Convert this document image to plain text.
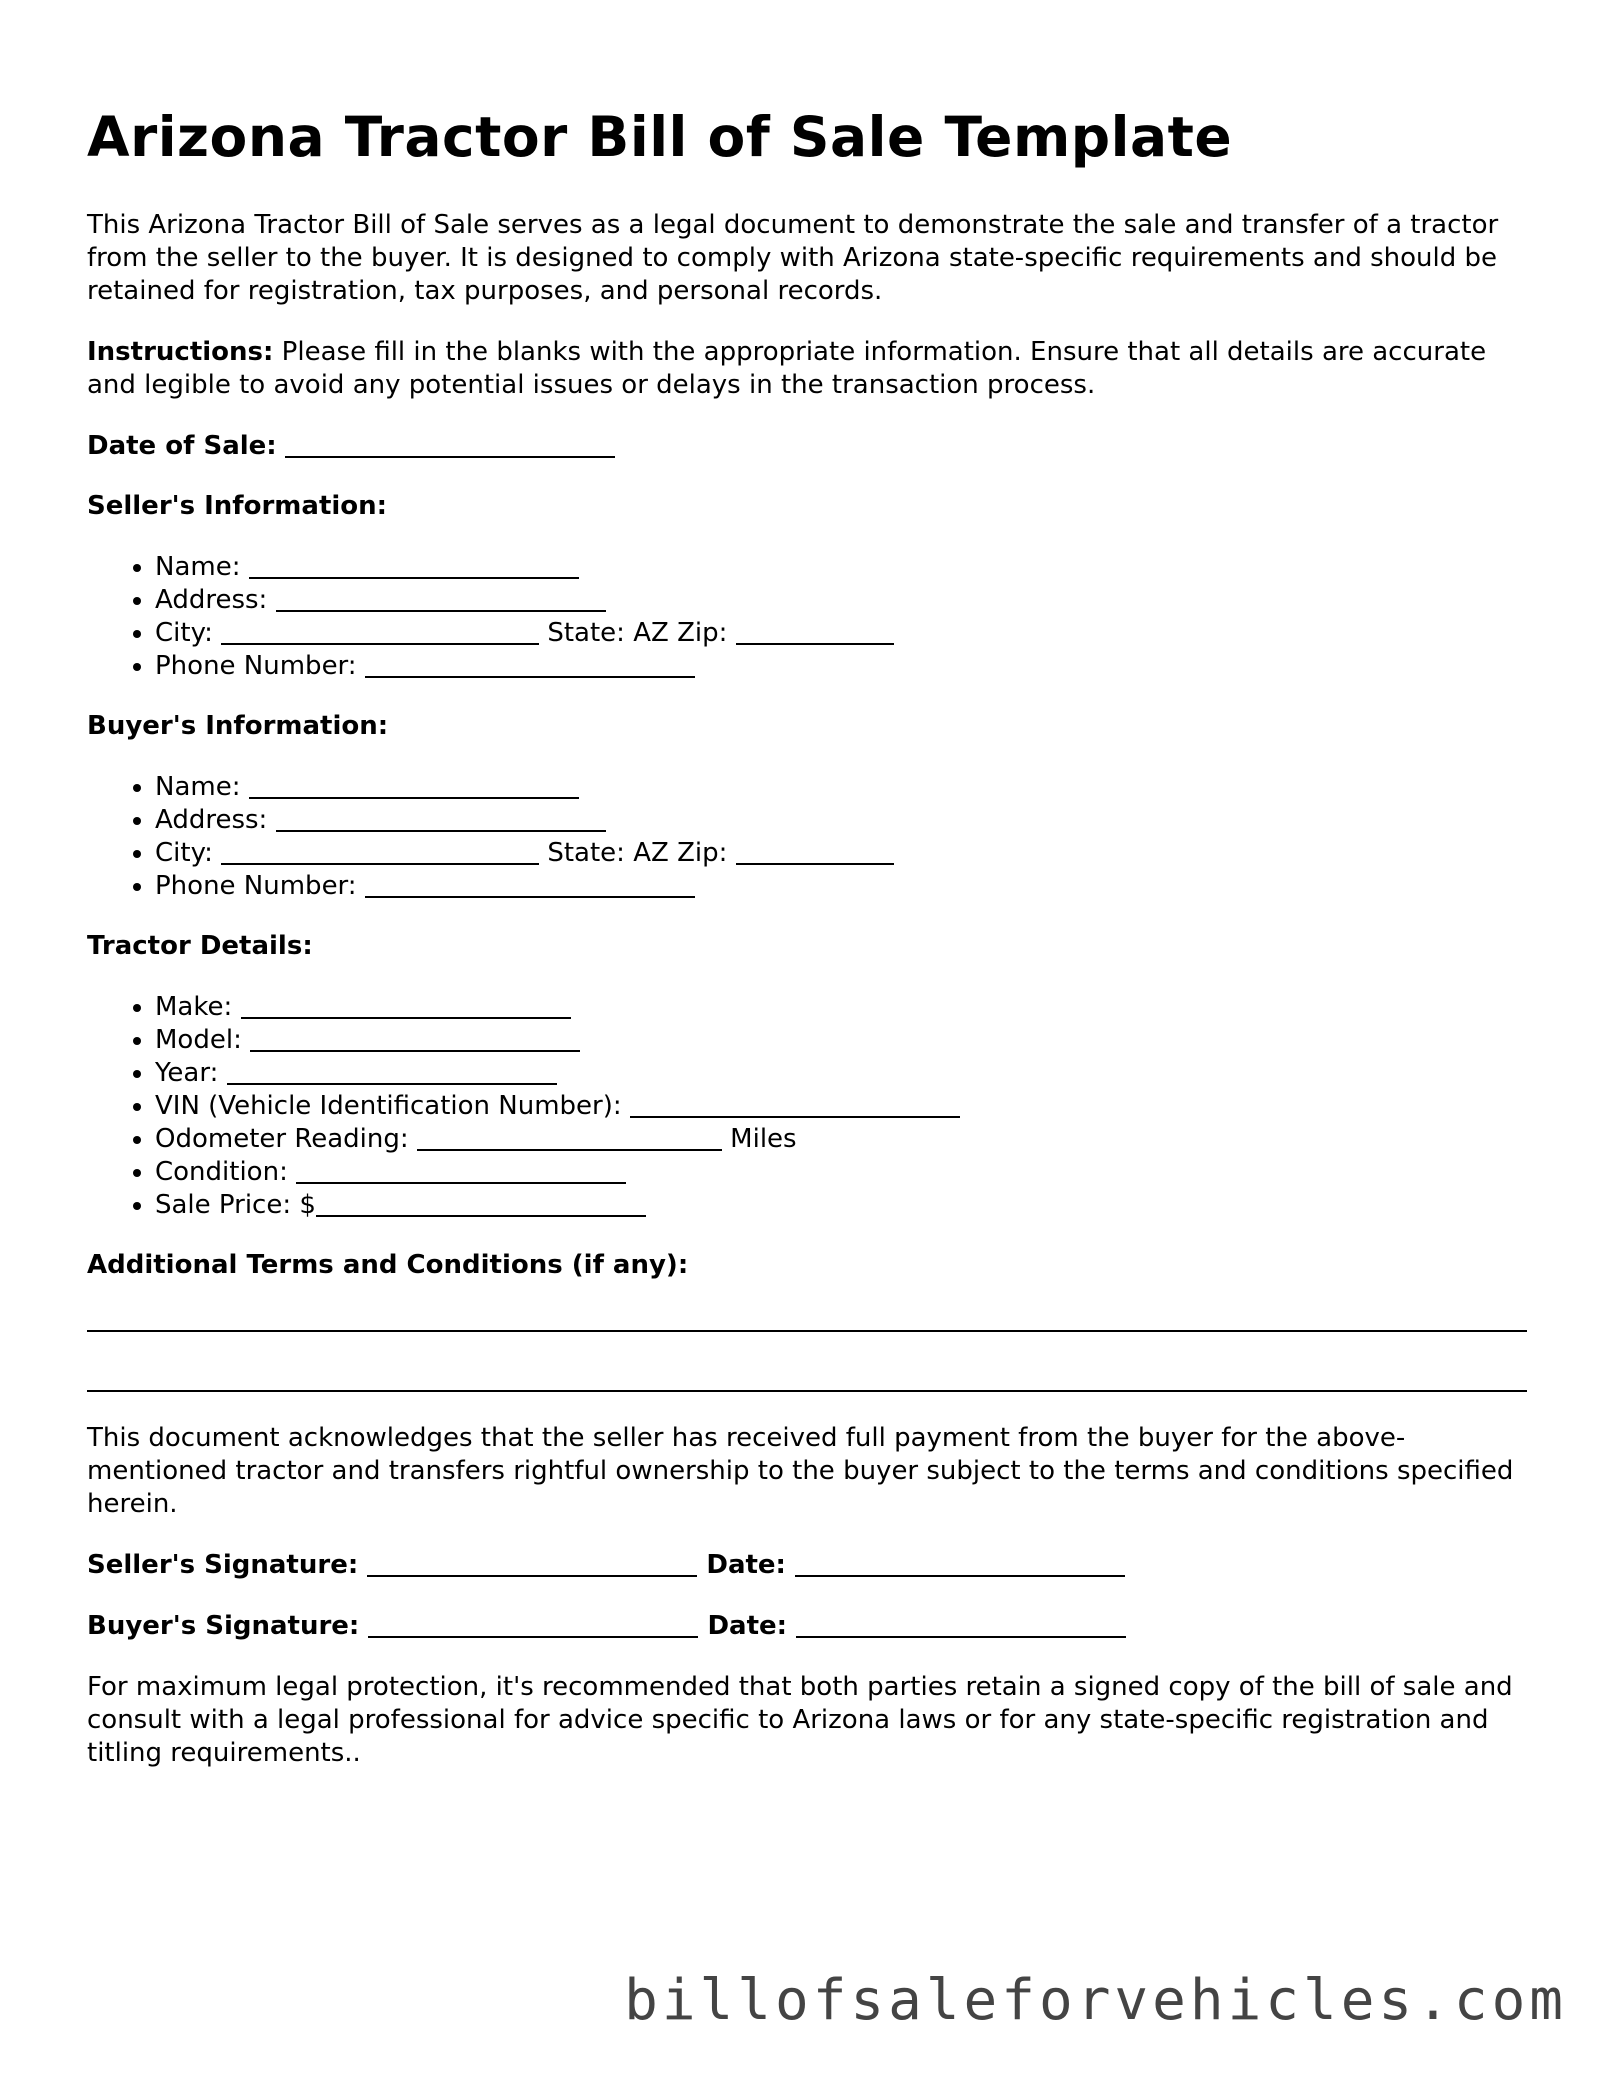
Arizona Tractor Bill of Sale Template

This Arizona Tractor Bill of Sale serves as a legal document to demonstrate the sale and transfer of a tractor from the seller to the buyer. It is designed to comply with Arizona state-specific requirements and should be retained for registration, tax purposes, and personal records.

Instructions: Please fill in the blanks with the appropriate information. Ensure that all details are accurate and legible to avoid any potential issues or delays in the transaction process.

Date of Sale:

Seller's Information:
• Name:
• Address:
• City:	State: AZ Zip:
• Phone Number:
Buyer's Information:
• Name:
• Address:
• City:	State: AZ Zip:
• Phone Number:
Tractor Details:
• Make:
• Model:
• Year:
• VIN (Vehicle Identification Number):
• Odometer Reading:	Miles
• Condition:
• Sale Price: $
Additional Terms and Conditions (if any):

This document acknowledges that the seller has received full payment from the buyer for the above-mentioned tractor and transfers rightful ownership to the buyer subject to the terms and conditions specified herein.

Seller's Signature:	Date:
Buyer's Signature:	Date:

For maximum legal protection, it's recommended that both parties retain a signed copy of the bill of sale and consult with a legal professional for advice specific to Arizona laws or for any state-specific registration and titling requirements..

billofsaleforvehicles.com
